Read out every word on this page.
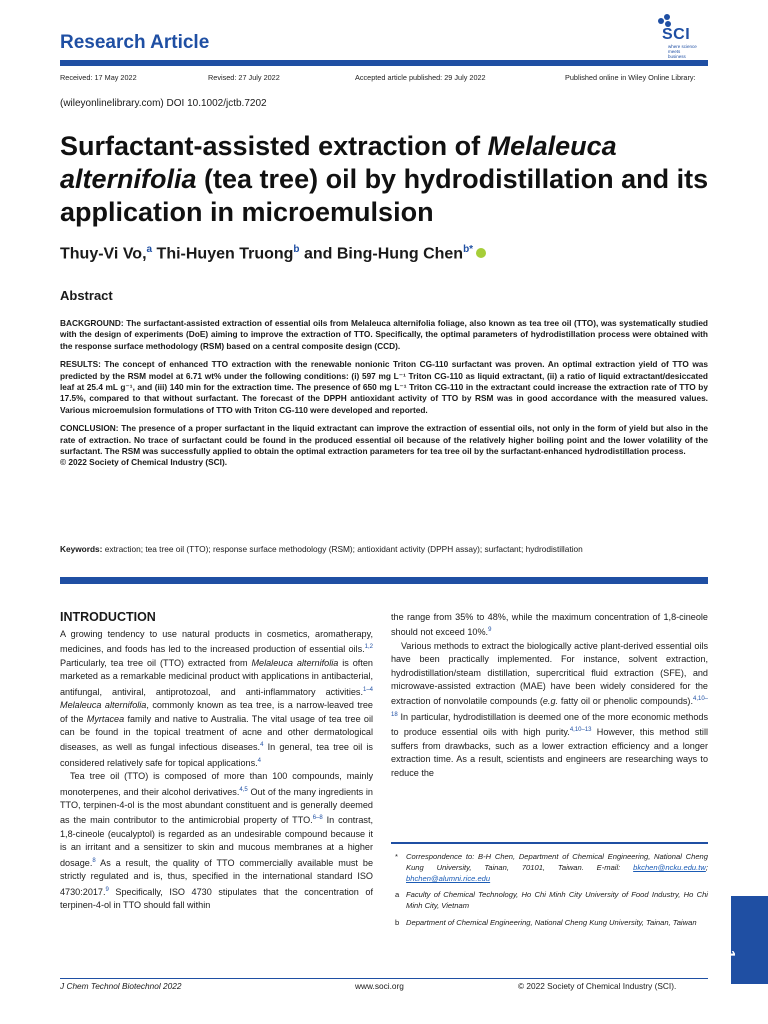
Research Article	SCI
where science meets business
Received: 17 May 2022	Revised: 27 July 2022	Accepted article published: 29 July 2022	Published online in Wiley Online Library:
(wileyonlinelibrary.com) DOI 10.1002/jctb.7202
Surfactant-assisted extraction of Melaleuca alternifolia (tea tree) oil by hydrodistillation and its application in microemulsion
Thuy-Vi Vo,$^a$ Thi-Huyen Truong$^b$ and Bing-Hung Chen$^{b*}$
Abstract

BACKGROUND: The surfactant-assisted extraction of essential oils from Melaleuca alternifolia foliage, also known as tea tree oil (TTO), was systematically studied with the design of experiments (DoE) aiming to improve the extraction of TTO. Specifically, the optimal parameters of hydrodistillation process were obtained with the response surface methodology (RSM) based on a central composite design (CCD).

RESULTS: The concept of enhanced TTO extraction with the renewable nonionic Triton CG-110 surfactant was proven. An optimal extraction yield of TTO was predicted by the RSM model at 6.71 wt% under the following conditions: (i) 597 mg L⁻¹ Triton CG-110 as liquid extractant, (ii) a ratio of liquid extractant/desiccated leaf at 25.4 mL g⁻¹, and (iii) 140 min for the extraction time. The presence of 650 mg L⁻¹ Triton CG-110 in the extractant could increase the extraction rate of TTO by 17.5%, compared to that without surfactant. The forecast of the DPPH antioxidant activity of TTO by RSM was in good accordance with the measured values. Various microemulsion formulations of TTO with Triton CG-110 were developed and reported.

CONCLUSION: The presence of a proper surfactant in the liquid extractant can improve the extraction of essential oils, not only in the form of yield but also in the rate of extraction. No trace of surfactant could be found in the produced essential oil because of the relatively higher boiling point and the lower volatility of the surfactant. The RSM was successfully applied to obtain the optimal extraction parameters for tea tree oil by the surfactant-enhanced hydrodistillation process.

© 2022 Society of Chemical Industry (SCI).

Keywords: extraction; tea tree oil (TTO); response surface methodology (RSM); antioxidant activity (DPPH assay); surfactant; hydrodistillation
INTRODUCTION

A growing tendency to use natural products in cosmetics, aromatherapy, medicines, and foods has led to the increased production of essential oils.$^{1,2}$ Particularly, tea tree oil (TTO) extracted from Melaleuca alternifolia is often marketed as a remarkable medicinal product with applications in antibacterial, antifungal, antiviral, antiprotozoal, and anti-inflammatory activities.$^{1-4}$ Melaleuca alternifolia, commonly known as tea tree, is a narrow-leaved tree of the Myrtacea family and native to Australia. The vital usage of tea tree oil can be found in the topical treatment of acne and other dermatological diseases, as well as fungal infectious diseases.$^4$ In general, tea tree oil is considered relatively safe for topical applications.$^4$

Tea tree oil (TTO) is composed of more than 100 compounds, mainly monoterpenes, and their alcohol derivatives.$^{4,5}$ Out of the many ingredients in TTO, terpinen-4-ol is the most abundant constituent and is generally deemed as the main contributor to the antimicrobial property of TTO.$^{6-8}$ In contrast, 1,8-cineole (eucalyptol) is regarded as an undesirable compound because it is an irritant and a sensitizer to skin and mucous membranes at a higher dosage.$^8$ As a result, the quality of TTO commercially available must be strictly regulated and is, thus, specified in the international standard ISO 4730:2017.$^9$ Specifically, ISO 4730 stipulates that the concentration of terpinen-4-ol in TTO should fall within

the range from 35% to 48%, while the maximum concentration of 1,8-cineole should not exceed 10%.$^9$

Various methods to extract the biologically active plant-derived essential oils have been practically implemented. For instance, solvent extraction, hydrodistillation/steam distillation, supercritical fluid extraction (SFE), and microwave-assisted extraction (MAE) have been widely considered for the extraction of nonvolatile compounds (e.g. fatty oil or phenolic compounds).$^{4,10-18}$ In particular, hydrodistillation is deemed one of the more economic methods to produce essential oils with high purity.$^{4,10-13}$ However, this method still suffers from drawbacks, such as a lower extraction efficiency and a longer extraction time. As a result, scientists and engineers are researching ways to reduce the

* Correspondence to: B-H Chen, Department of Chemical Engineering, National Cheng Kung University, Tainan, 70101, Taiwan. E-mail: bkchen@ncku.edu.tw; bhchen@alumni.rice.edu
a Faculty of Chemical Technology, Ho Chi Minh City University of Food Industry, Ho Chi Minh City, Vietnam
b Department of Chemical Engineering, National Cheng Kung University, Tainan, Taiwan
1
J Chem Technol Biotechnol 2022	www.soci.org	© 2022 Society of Chemical Industry (SCI).
